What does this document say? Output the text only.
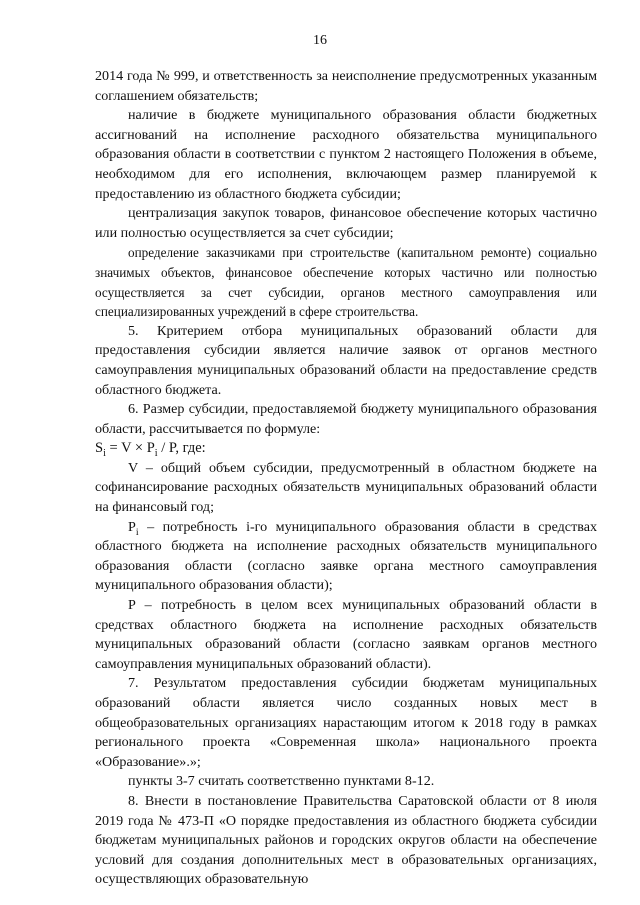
16

2014 года № 999, и ответственность за неисполнение предусмотренных указанным соглашением обязательств;

наличие в бюджете муниципального образования области бюджетных ассигнований на исполнение расходного обязательства муниципального образования области в соответствии с пунктом 2 настоящего Положения в объеме, необходимом для его исполнения, включающем размер планируемой к предоставлению из областного бюджета субсидии;

централизация закупок товаров, финансовое обеспечение которых частично или полностью осуществляется за счет субсидии;

определение заказчиками при строительстве (капитальном ремонте) социально значимых объектов, финансовое обеспечение которых частично или полностью осуществляется за счет субсидии, органов местного самоуправления или специализированных учреждений в сфере строительства.

5. Критерием отбора муниципальных образований области для предоставления субсидии является наличие заявок от органов местного самоуправления муниципальных образований области на предоставление средств областного бюджета.

6. Размер субсидии, предоставляемой бюджету муниципального образования области, рассчитывается по формуле:

$S_i = V \times P_i / P$, где:

V – общий объем субсидии, предусмотренный в областном бюджете на софинансирование расходных обязательств муниципальных образований области на финансовый год;

$P_i$ – потребность i-го муниципального образования области в средствах областного бюджета на исполнение расходных обязательств муниципального образования области (согласно заявке органа местного самоуправления муниципального образования области);

P – потребность в целом всех муниципальных образований области в средствах областного бюджета на исполнение расходных обязательств муниципальных образований области (согласно заявкам органов местного самоуправления муниципальных образований области).

7. Результатом предоставления субсидии бюджетам муниципальных образований области является число созданных новых мест в общеобразовательных организациях нарастающим итогом к 2018 году в рамках регионального проекта «Современная школа» национального проекта «Образование».»;

пункты 3-7 считать соответственно пунктами 8-12.

8. Внести в постановление Правительства Саратовской области от 8 июля 2019 года № 473-П «О порядке предоставления из областного бюджета субсидии бюджетам муниципальных районов и городских округов области на обеспечение условий для создания дополнительных мест в образовательных организациях, осуществляющих образовательную
